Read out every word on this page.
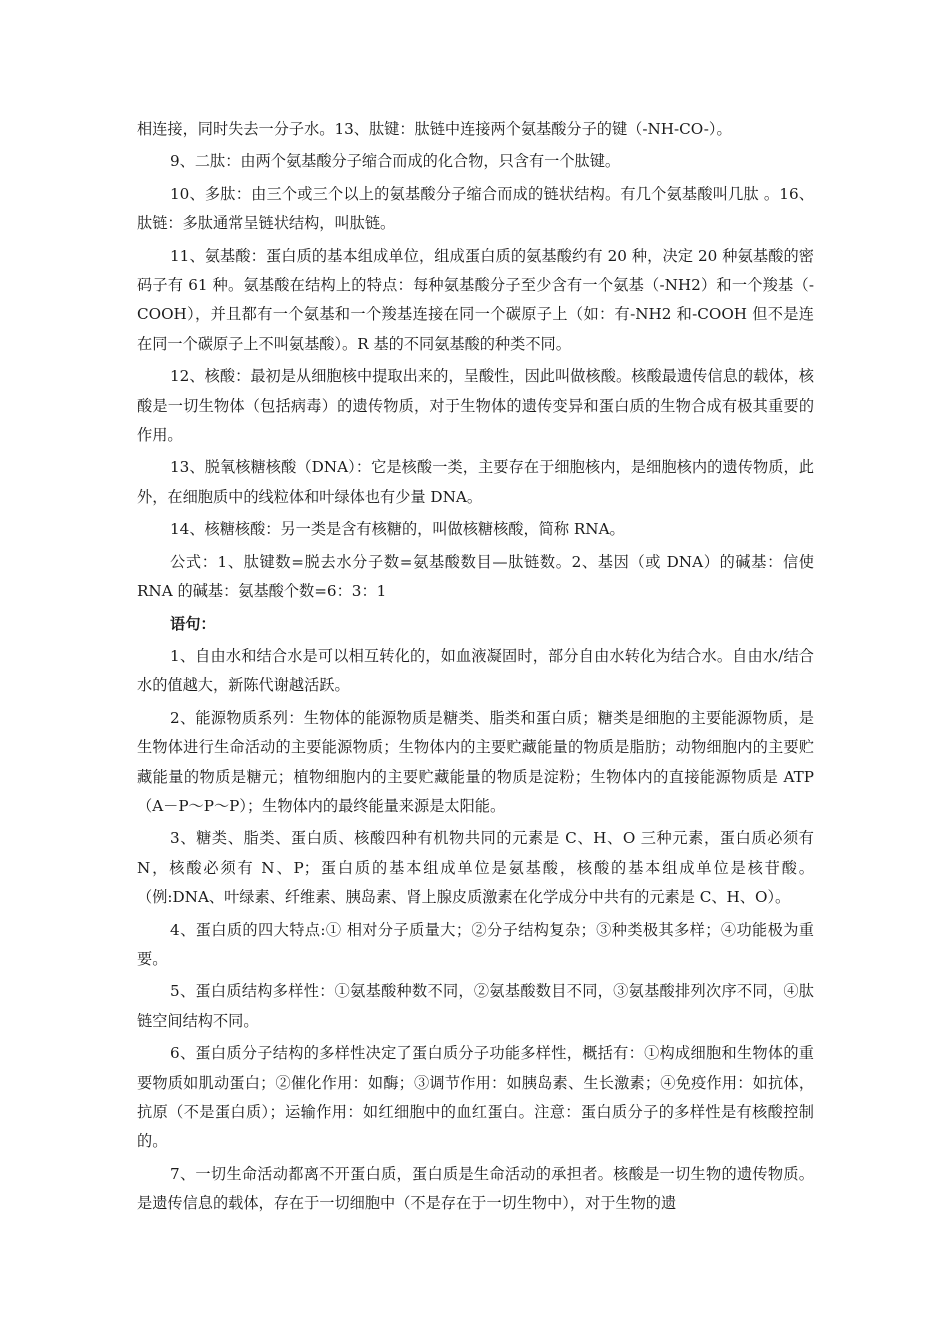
相连接，同时失去一分子水。13、肽键：肽链中连接两个氨基酸分子的键（-NH-CO-）。

9、二肽：由两个氨基酸分子缩合而成的化合物，只含有一个肽键。

10、多肽：由三个或三个以上的氨基酸分子缩合而成的链状结构。有几个氨基酸叫几肽 。16、肽链：多肽通常呈链状结构，叫肽链。

11、氨基酸：蛋白质的基本组成单位，组成蛋白质的氨基酸约有 20 种，决定 20 种氨基酸的密码子有 61 种。氨基酸在结构上的特点：每种氨基酸分子至少含有一个氨基（-NH2）和一个羧基（-COOH），并且都有一个氨基和一个羧基连接在同一个碳原子上（如：有-NH2 和-COOH 但不是连在同一个碳原子上不叫氨基酸）。R 基的不同氨基酸的种类不同。

12、核酸：最初是从细胞核中提取出来的，呈酸性，因此叫做核酸。核酸最遗传信息的载体，核酸是一切生物体（包括病毒）的遗传物质，对于生物体的遗传变异和蛋白质的生物合成有极其重要的作用。

13、脱氧核糖核酸（DNA）：它是核酸一类，主要存在于细胞核内，是细胞核内的遗传物质，此外，在细胞质中的线粒体和叶绿体也有少量 DNA。

14、核糖核酸：另一类是含有核糖的，叫做核糖核酸，简称 RNA。

公式：1、肽键数=脱去水分子数=氨基酸数目—肽链数。2、基因（或 DNA）的碱基：信使 RNA 的碱基：氨基酸个数=6：3：1

语句：

1、自由水和结合水是可以相互转化的，如血液凝固时，部分自由水转化为结合水。自由水/结合水的值越大，新陈代谢越活跃。

2、能源物质系列：生物体的能源物质是糖类、脂类和蛋白质；糖类是细胞的主要能源物质，是生物体进行生命活动的主要能源物质；生物体内的主要贮藏能量的物质是脂肪；动物细胞内的主要贮藏能量的物质是糖元；植物细胞内的主要贮藏能量的物质是淀粉；生物体内的直接能源物质是 ATP（A－P～P～P）；生物体内的最终能量来源是太阳能。

3、糖类、脂类、蛋白质、核酸四种有机物共同的元素是 C、H、O 三种元素，蛋白质必须有 N，核酸必须有 N、P；蛋白质的基本组成单位是氨基酸，核酸的基本组成单位是核苷酸。（例:DNA、叶绿素、纤维素、胰岛素、肾上腺皮质激素在化学成分中共有的元素是 C、H、O）。

4、蛋白质的四大特点:① 相对分子质量大；②分子结构复杂；③种类极其多样；④功能极为重要。

5、蛋白质结构多样性：①氨基酸种数不同，②氨基酸数目不同，③氨基酸排列次序不同，④肽链空间结构不同。

6、蛋白质分子结构的多样性决定了蛋白质分子功能多样性，概括有：①构成细胞和生物体的重要物质如肌动蛋白；②催化作用：如酶；③调节作用：如胰岛素、生长激素；④免疫作用：如抗体，抗原（不是蛋白质）；运输作用：如红细胞中的血红蛋白。注意：蛋白质分子的多样性是有核酸控制的。

7、一切生命活动都离不开蛋白质，蛋白质是生命活动的承担者。核酸是一切生物的遗传物质。是遗传信息的载体，存在于一切细胞中（不是存在于一切生物中），对于生物的遗
